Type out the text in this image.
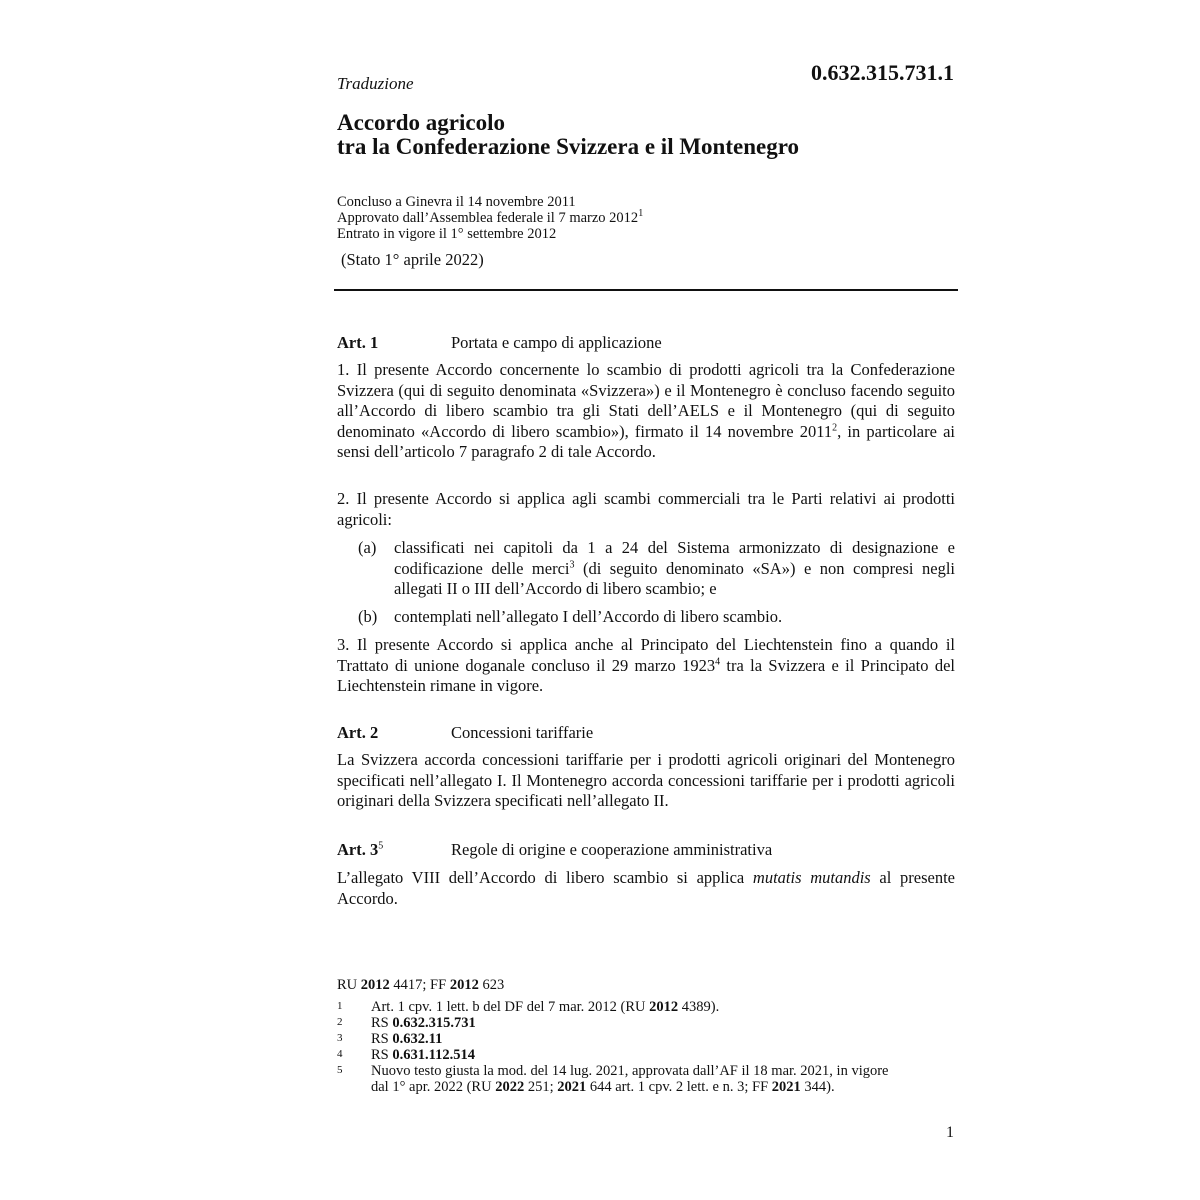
0.632.315.731.1
Traduzione
Accordo agricolo
tra la Confederazione Svizzera e il Montenegro
Concluso a Ginevra il 14 novembre 2011
Approvato dall’Assemblea federale il 7 marzo 2012$^1$
Entrato in vigore il 1° settembre 2012
(Stato 1° aprile 2022)
Art. 1	Portata e campo di applicazione
1. Il presente Accordo concernente lo scambio di prodotti agricoli tra la Confederazione Svizzera (qui di seguito denominata «Svizzera») e il Montenegro è concluso facendo seguito all’Accordo di libero scambio tra gli Stati dell’AELS e il Montenegro (qui di seguito denominato «Accordo di libero scambio»), firmato il 14 novembre 2011$^2$, in particolare ai sensi dell’articolo 7 paragrafo 2 di tale Accordo.
2. Il presente Accordo si applica agli scambi commerciali tra le Parti relativi ai prodotti agricoli:
(a) classificati nei capitoli da 1 a 24 del Sistema armonizzato di designazione e codificazione delle merci$^3$ (di seguito denominato «SA») e non compresi negli allegati II o III dell’Accordo di libero scambio; e
(b) contemplati nell’allegato I dell’Accordo di libero scambio.
3. Il presente Accordo si applica anche al Principato del Liechtenstein fino a quando il Trattato di unione doganale concluso il 29 marzo 1923$^4$ tra la Svizzera e il Principato del Liechtenstein rimane in vigore.
Art. 2	Concessioni tariffarie
La Svizzera accorda concessioni tariffarie per i prodotti agricoli originari del Montenegro specificati nell’allegato I. Il Montenegro accorda concessioni tariffarie per i prodotti agricoli originari della Svizzera specificati nell’allegato II.
Art. $3^5$	Regole di origine e cooperazione amministrativa
L’allegato VIII dell’Accordo di libero scambio si applica mutatis mutandis al presente Accordo.
RU 2012 4417; FF 2012 623
1 Art. 1 cpv. 1 lett. b del DF del 7 mar. 2012 (RU 2012 4389).
2 RS 0.632.315.731
3 RS 0.632.11
4 RS 0.631.112.514
5 Nuovo testo giusta la mod. del 14 lug. 2021, approvata dall’AF il 18 mar. 2021, in vigore
dal 1° apr. 2022 (RU 2022 251; 2021 644 art. 1 cpv. 2 lett. e n. 3; FF 2021 344).
1
